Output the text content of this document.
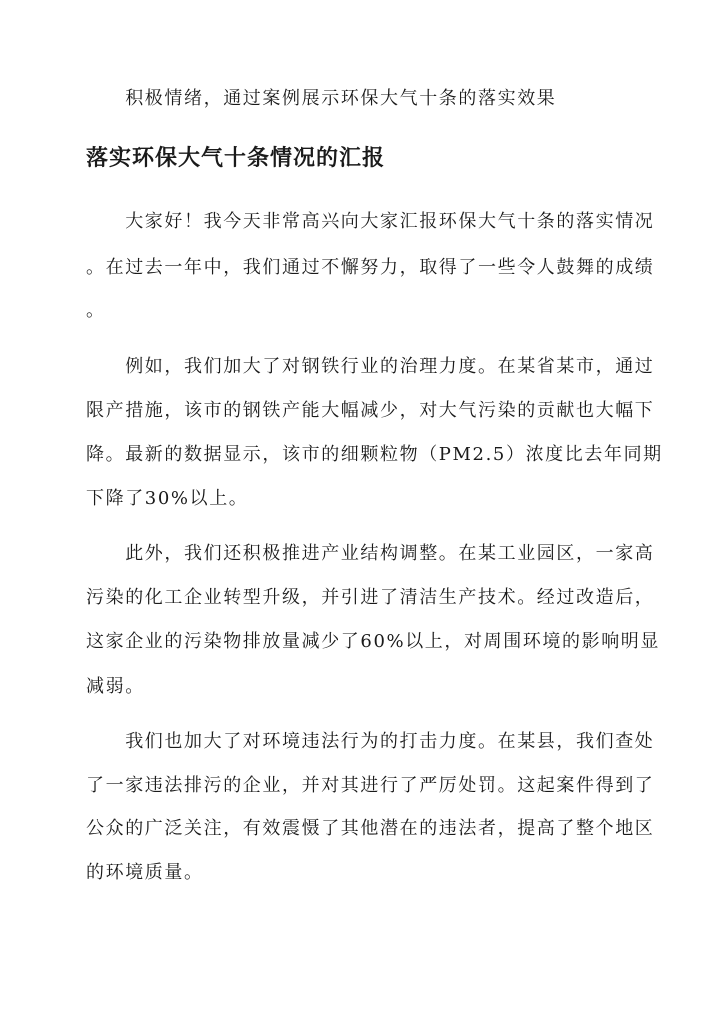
　　积极情绪，通过案例展示环保大气十条的落实效果
落实环保大气十条情况的汇报
　　大家好！我今天非常高兴向大家汇报环保大气十条的落实情况
。在过去一年中，我们通过不懈努力，取得了一些令人鼓舞的成绩
。
　　例如，我们加大了对钢铁行业的治理力度。在某省某市，通过
限产措施，该市的钢铁产能大幅减少，对大气污染的贡献也大幅下
降。最新的数据显示，该市的细颗粒物（PM2.5）浓度比去年同期
下降了30%以上。
　　此外，我们还积极推进产业结构调整。在某工业园区，一家高
污染的化工企业转型升级，并引进了清洁生产技术。经过改造后，
这家企业的污染物排放量减少了60%以上，对周围环境的影响明显
减弱。
　　我们也加大了对环境违法行为的打击力度。在某县，我们查处
了一家违法排污的企业，并对其进行了严厉处罚。这起案件得到了
公众的广泛关注，有效震慑了其他潜在的违法者，提高了整个地区
的环境质量。
